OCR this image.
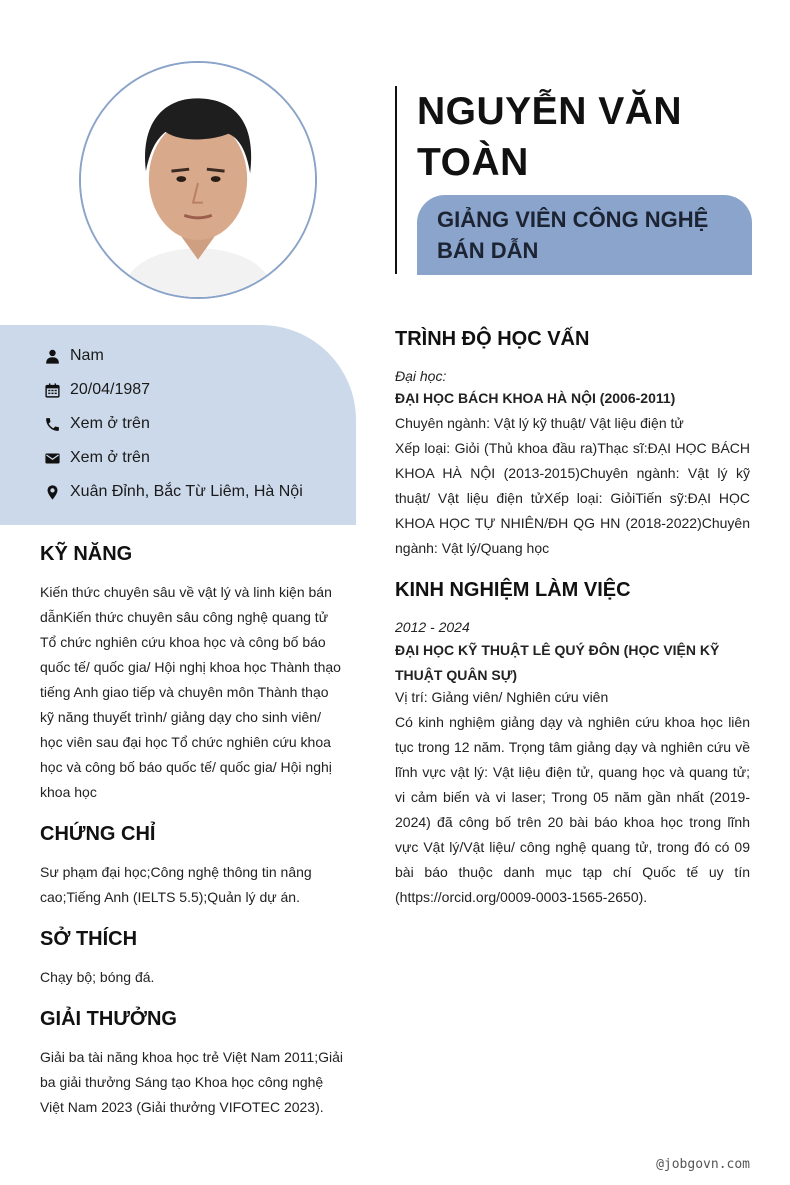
NGUYỄN VĂN TOÀN
GIẢNG VIÊN CÔNG NGHỆ BÁN DẪN
Nam
20/04/1987
Xem ở trên
Xem ở trên
Xuân Đỉnh, Bắc Từ Liêm, Hà Nội
KỸ NĂNG
Kiến thức chuyên sâu về vật lý và linh kiện bán dẫnKiến thức chuyên sâu công nghệ quang tử Tổ chức nghiên cứu khoa học và công bố báo quốc tế/ quốc gia/ Hội nghị khoa học Thành thạo tiếng Anh giao tiếp và chuyên môn Thành thạo kỹ năng thuyết trình/ giảng dạy cho sinh viên/ học viên sau đại học Tổ chức nghiên cứu khoa học và công bố báo quốc tế/ quốc gia/ Hội nghị khoa học
CHỨNG CHỈ
Sư phạm đại học;Công nghệ thông tin nâng cao;Tiếng Anh (IELTS 5.5);Quản lý dự án.
SỞ THÍCH
Chạy bộ; bóng đá.
GIẢI THƯỞNG
Giải ba tài năng khoa học trẻ Việt Nam 2011;Giải ba giải thưởng Sáng tạo Khoa học công nghệ Việt Nam 2023 (Giải thưởng VIFOTEC 2023).
TRÌNH ĐỘ HỌC VẤN
Đại học:
ĐẠI HỌC BÁCH KHOA HÀ NỘI (2006-2011)
Chuyên ngành: Vật lý kỹ thuật/ Vật liệu điện tử
Xếp loại: Giỏi (Thủ khoa đầu ra)Thạc sĩ:ĐẠI HỌC BÁCH KHOA HÀ NỘI (2013-2015)Chuyên ngành: Vật lý kỹ thuật/ Vật liệu điện tửXếp loại: GiỏiTiến sỹ:ĐẠI HỌC KHOA HỌC TỰ NHIÊN/ĐH QG HN (2018-2022)Chuyên ngành: Vật lý/Quang học
KINH NGHIỆM LÀM VIỆC
2012 - 2024
ĐẠI HỌC KỸ THUẬT LÊ QUÝ ĐÔN (HỌC VIỆN KỸ THUẬT QUÂN SỰ)
Vị trí: Giảng viên/ Nghiên cứu viên
Có kinh nghiệm giảng dạy và nghiên cứu khoa học liên tục trong 12 năm. Trọng tâm giảng dạy và nghiên cứu về lĩnh vực vật lý: Vật liệu điện tử, quang học và quang tử; vi cảm biến và vi laser; Trong 05 năm gần nhất (2019-2024) đã công bố trên 20 bài báo khoa học trong lĩnh vực Vật lý/Vật liệu/ công nghệ quang tử, trong đó có 09 bài báo thuộc danh mục tạp chí Quốc tế uy tín (https://orcid.org/0009-0003-1565-2650).
@jobgovn.com
